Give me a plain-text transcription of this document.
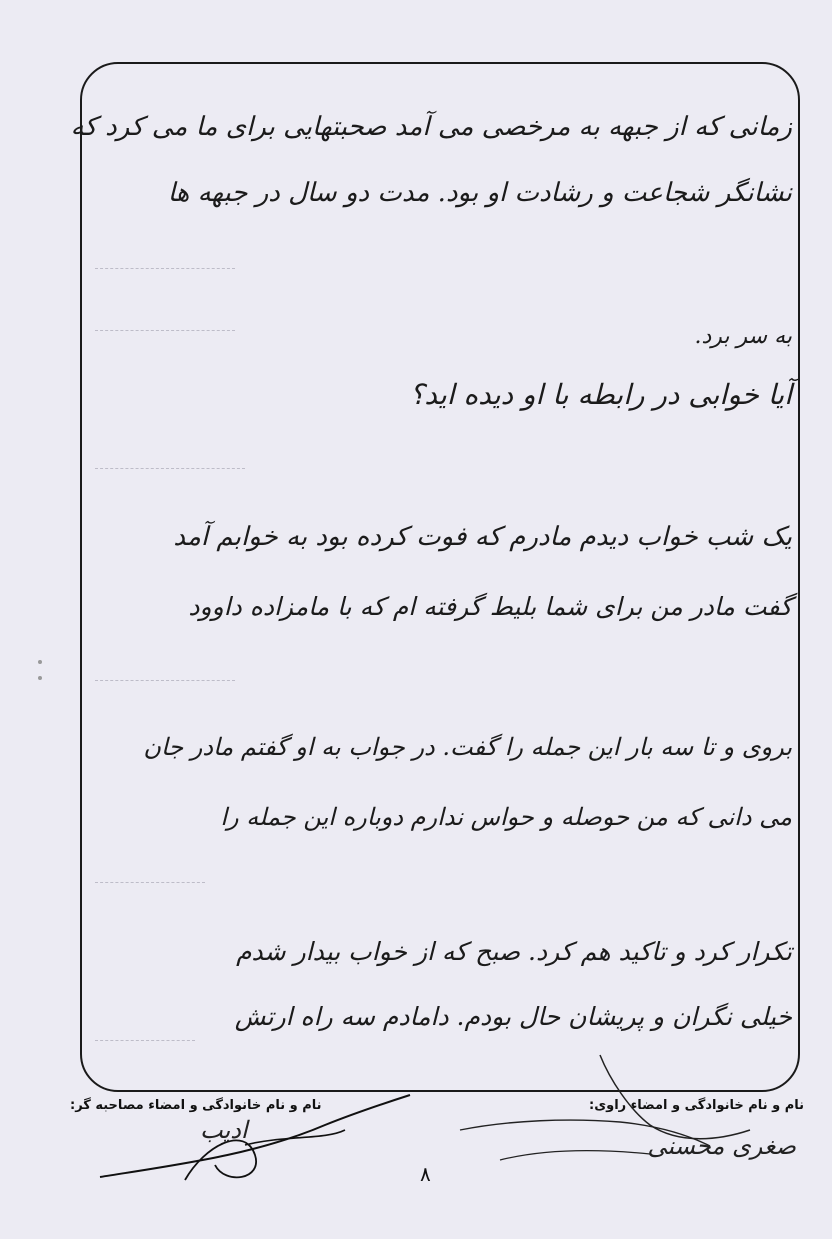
زمانی که از جبهه به مرخصی می آمد صحبتهایی برای ما می کرد که
نشانگر شجاعت و رشادت او بود. مدت دو سال در جبهه ها
به سر برد.
آیا خوابی در رابطه با او دیده اید؟
یک شب خواب دیدم مادرم که فوت کرده بود به خوابم آمد
گفت مادر من برای شما بلیط گرفته ام که با مامزاده داوود
بروی و تا سه بار این جمله را گفت. در جواب به او گفتم مادر جان
می دانی که من حوصله و حواس ندارم دوباره این جمله را
تکرار کرد و تاکید هم کرد. صبح که از خواب بیدار شدم
خیلی نگران و پریشان حال بودم. دامادم سه راه ارتش
نام و نام خانوادگی و امضاء راوی:
نام و نام خانوادگی و امضاء مصاحبه گر:
صغری محسنی
ادیب
۸
